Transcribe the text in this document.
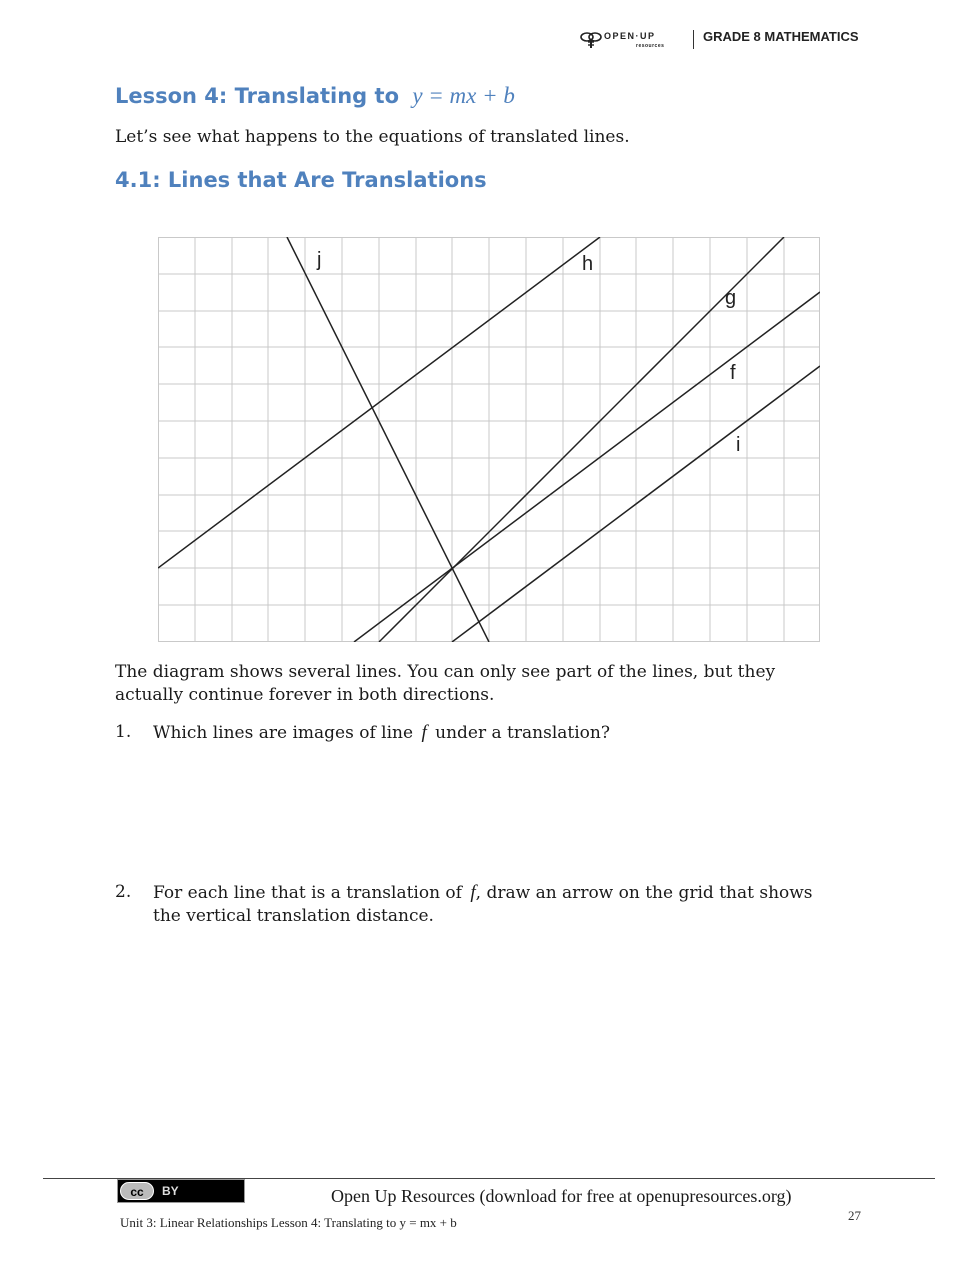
OPEN·UP
resources
GRADE 8 MATHEMATICS
Lesson 4: Translating to y = mx + b
Let’s see what happens to the equations of translated lines.
4.1: Lines that Are Translations
j	h
g
f
i
The diagram shows several lines. You can only see part of the lines, but they actually continue forever in both directions.
1. Which lines are images of line f under a translation?
2. For each line that is a translation of f, draw an arrow on the grid that shows the vertical translation distance.
cc	BY	Open Up Resources (download for free at openupresources.org)
27
Unit 3: Linear Relationships Lesson 4: Translating to y = mx + b
